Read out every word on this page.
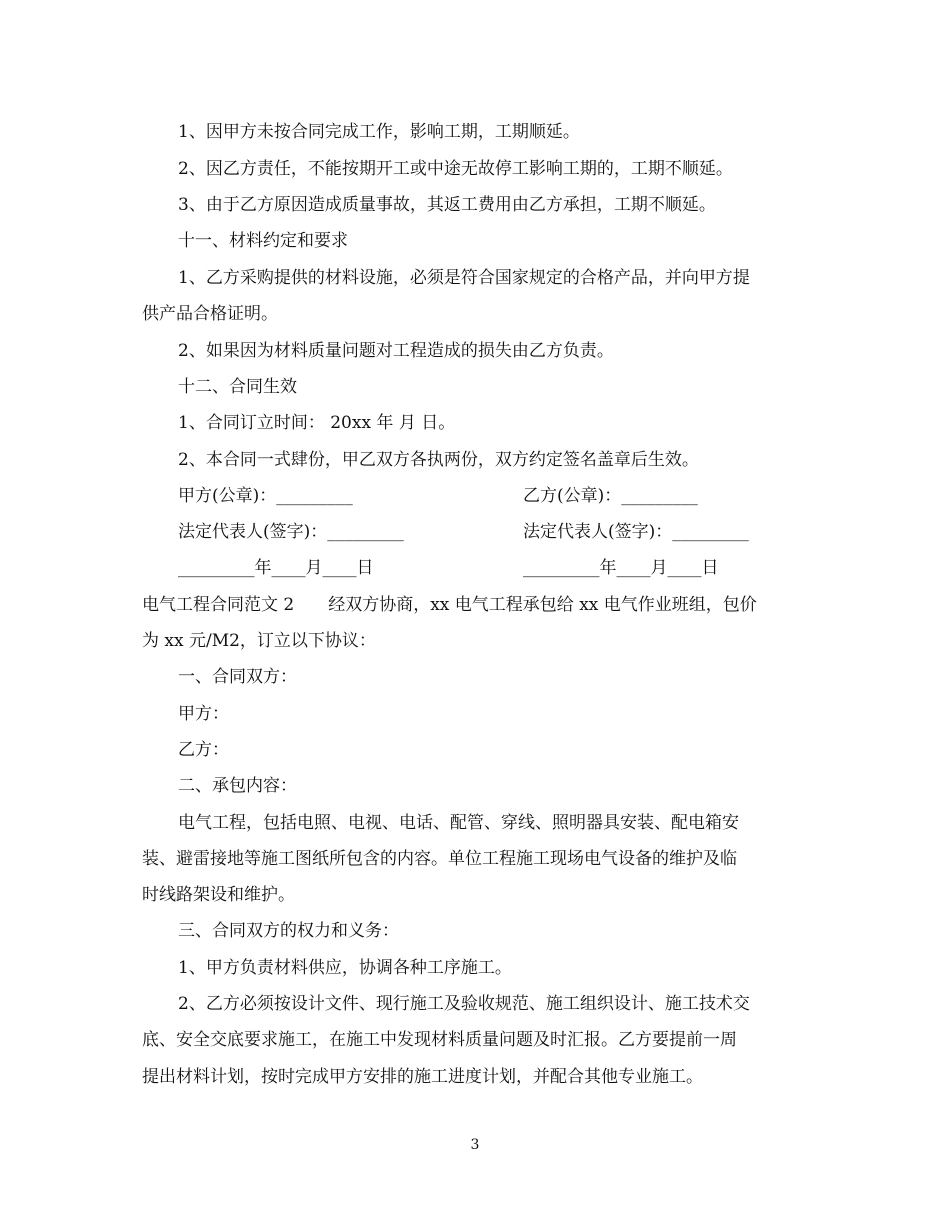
1、因甲方未按合同完成工作，影响工期，工期顺延。
2、因乙方责任，不能按期开工或中途无故停工影响工期的，工期不顺延。
3、由于乙方原因造成质量事故，其返工费用由乙方承担，工期不顺延。
十一、材料约定和要求
1、乙方采购提供的材料设施，必须是符合国家规定的合格产品，并向甲方提
供产品合格证明。
2、如果因为材料质量问题对工程造成的损失由乙方负责。
十二、合同生效
1、合同订立时间： 20xx 年 月 日。
2、本合同一式肆份，甲乙双方各执两份，双方约定签名盖章后生效。
甲方(公章)：_________	乙方(公章)：_________
法定代表人(签字)：_________	法定代表人(签字)：_________
_________年____月____日	_________年____月____日
电气工程合同范文 2　　经双方协商，xx 电气工程承包给 xx 电气作业班组，包价
为 xx 元/M2，订立以下协议：
一、合同双方：
甲方：
乙方：
二、承包内容：
电气工程，包括电照、电视、电话、配管、穿线、照明器具安装、配电箱安
装、避雷接地等施工图纸所包含的内容。单位工程施工现场电气设备的维护及临
时线路架设和维护。
三、合同双方的权力和义务：
1、甲方负责材料供应，协调各种工序施工。
2、乙方必须按设计文件、现行施工及验收规范、施工组织设计、施工技术交
底、安全交底要求施工，在施工中发现材料质量问题及时汇报。乙方要提前一周
提出材料计划，按时完成甲方安排的施工进度计划，并配合其他专业施工。
3
